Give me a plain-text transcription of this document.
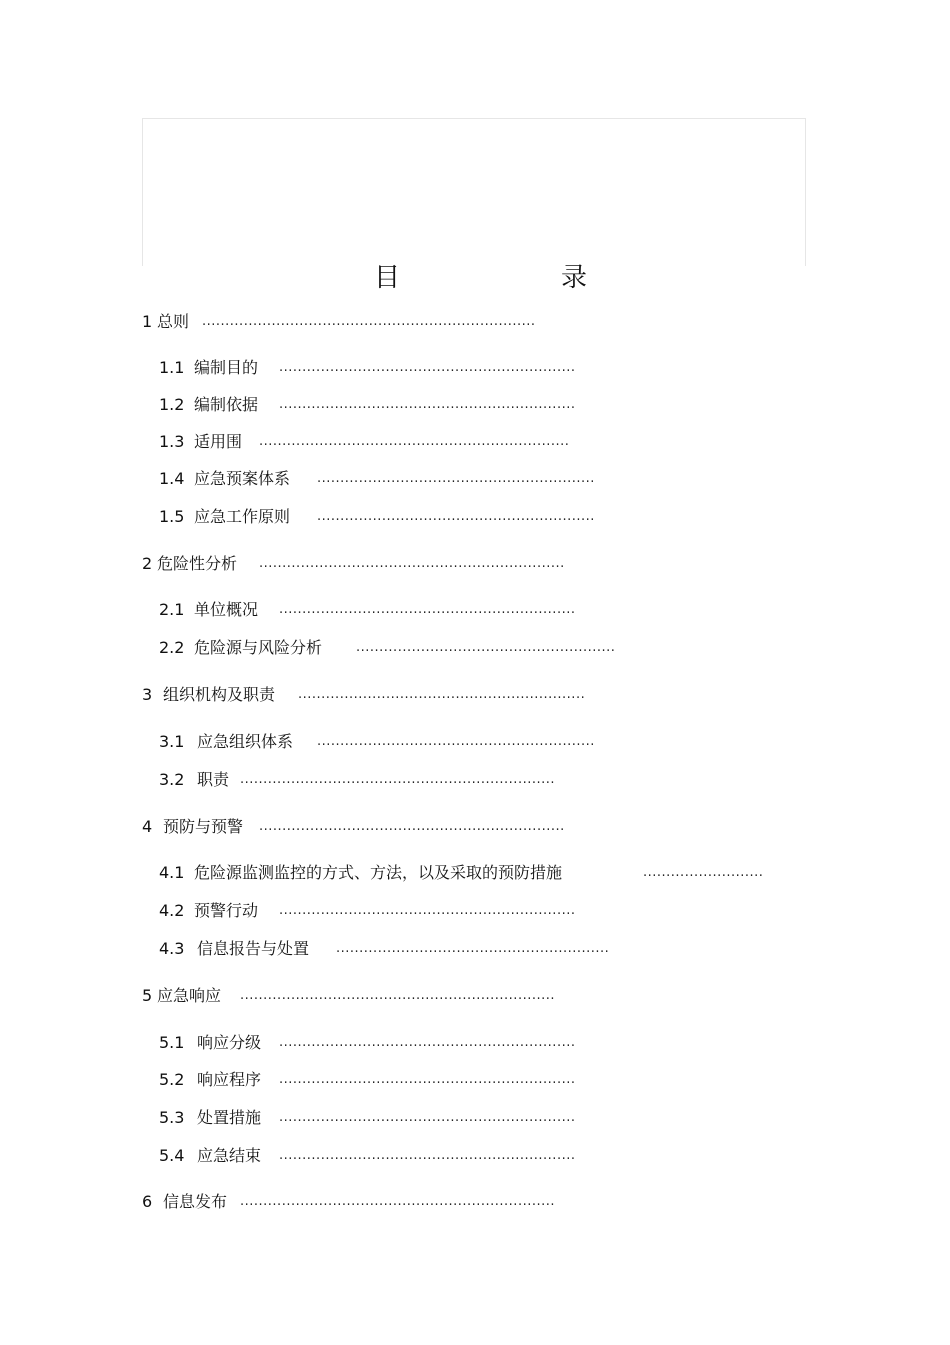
目	录
1 总则 ........................................................................
1.1 编制目的 ................................................................
1.2 编制依据 ................................................................
1.3 适用围 ...................................................................
1.4 应急预案体系 ............................................................
1.5 应急工作原则 ............................................................
2 危险性分析 ..................................................................
2.1 单位概况 ................................................................
2.2 危险源与风险分析	........................................................
3 组织机构及职责 ..............................................................
3.1 应急组织体系 ............................................................
3.2 职责 ....................................................................
4 预防与预警 ..................................................................
4.1 危险源监测监控的方式、方法，以及采取的预防措施	..........................
4.2 预警行动 ................................................................
4.3 信息报告与处置 ...........................................................
5 应急响应 ....................................................................
5.1 响应分级 ................................................................
5.2 响应程序 ................................................................
5.3 处置措施 ................................................................
5.4 应急结束 ................................................................
6 信息发布 ....................................................................
